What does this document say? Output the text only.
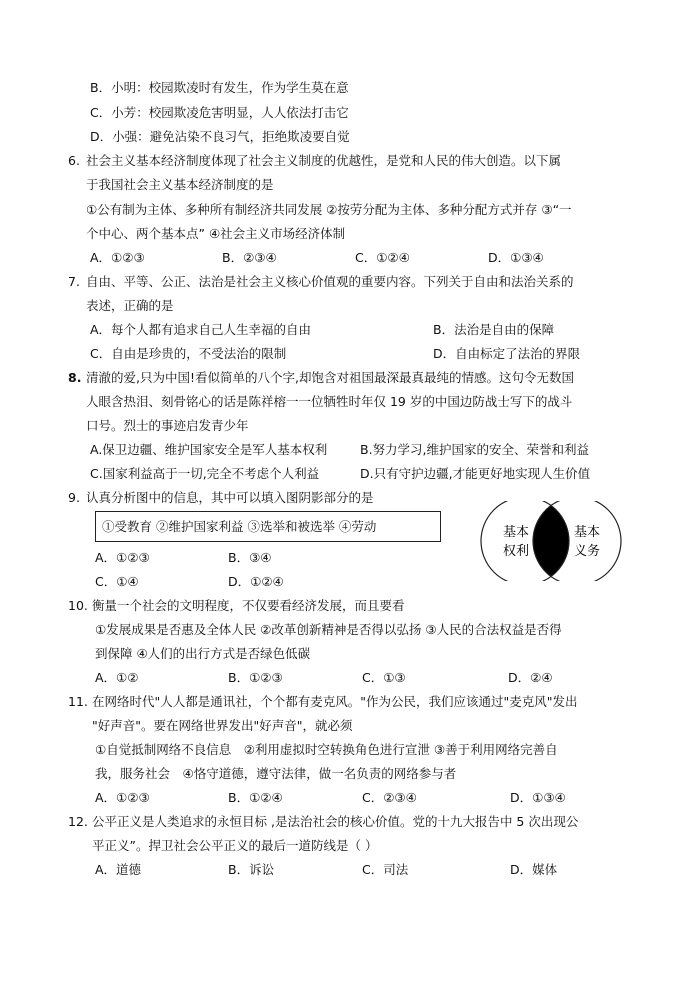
B．小明：校园欺凌时有发生，作为学生莫在意
C．小芳：校园欺凌危害明显，人人依法打击它
D．小强：避免沾染不良习气，拒绝欺凌要自觉
6. 社会主义基本经济制度体现了社会主义制度的优越性，是党和人民的伟大创造。以下属
于我国社会主义基本经济制度的是
①公有制为主体、多种所有制经济共同发展 ②按劳分配为主体、多种分配方式并存 ③“一
个中心、两个基本点” ④社会主义市场经济体制
A．①②③	B．②③④	C．①②④	D．①③④
7. 自由、平等、公正、法治是社会主义核心价值观的重要内容。下列关于自由和法治关系的
表述，正确的是
A．每个人都有追求自己人生幸福的自由	B．法治是自由的保障
C．自由是珍贵的，不受法治的限制	D．自由标定了法治的界限
8. 清澈的爱,只为中国!看似简单的八个字,却饱含对祖国最深最真最纯的情感。这句令无数国
人眼含热泪、刻骨铭心的话是陈祥榕一一位牺牲时年仅 19 岁的中国边防战士写下的战斗
口号。烈士的事迹启发青少年
A.保卫边疆、维护国家安全是军人基本权利	B.努力学习,维护国家的安全、荣誉和利益
C.国家利益高于一切,完全不考虑个人利益	D.只有守护边疆,才能更好地实现人生价值
9. 认真分析图中的信息，其中可以填入图阴影部分的是
①受教育 ②维护国家利益 ③选举和被选举 ④劳动	基本
权利
基本
义务
A．①②③	B．③④
C．①④	D．①②④
10. 衡量一个社会的文明程度，不仅要看经济发展，而且要看
①发展成果是否惠及全体人民 ②改革创新精神是否得以弘扬 ③人民的合法权益是否得
到保障 ④人们的出行方式是否绿色低碳
A．①②	B．①②③	C．①③	D．②④
11. 在网络时代"人人都是通讯社，个个都有麦克风。"作为公民，我们应该通过"麦克风"发出
"好声音"。要在网络世界发出"好声音"，就必须
①自觉抵制网络不良信息　②利用虚拟时空转换角色进行宣泄 ③善于利用网络完善自
我，服务社会　④恪守道德，遵守法律，做一名负责的网络参与者
A．①②③	B．①②④	C．②③④	D．①③④
12. 公平正义是人类追求的永恒目标 ,是法治社会的核心价值。党的十九大报告中 5 次出现公
平正义”。捍卫社会公平正义的最后一道防线是（ ）
A．道德	B．诉讼	C．司法	D．媒体
